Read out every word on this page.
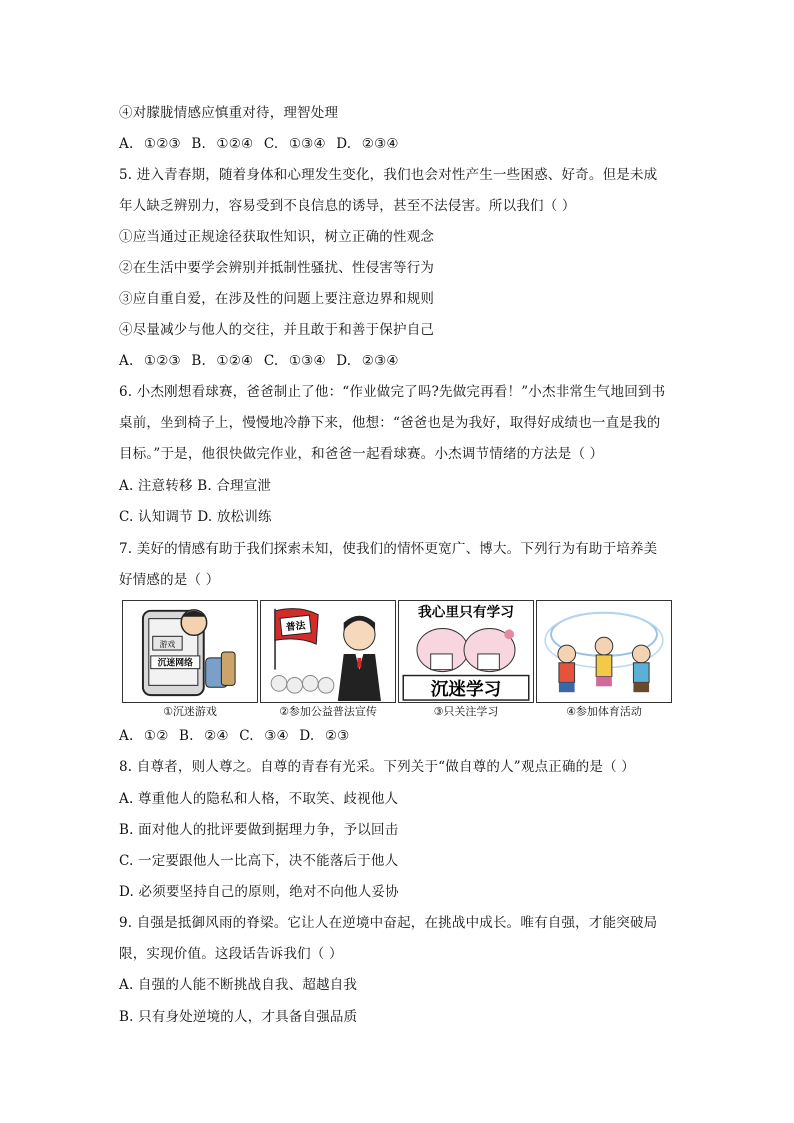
④对朦胧情感应慎重对待，理智处理
A. ①②③ B. ①②④ C. ①③④ D. ②③④
5. 进入青春期，随着身体和心理发生变化，我们也会对性产生一些困惑、好奇。但是未成
年人缺乏辨别力，容易受到不良信息的诱导，甚至不法侵害。所以我们（ ）
①应当通过正规途径获取性知识，树立正确的性观念
②在生活中要学会辨别并抵制性骚扰、性侵害等行为
③应自重自爱，在涉及性的问题上要注意边界和规则
④尽量减少与他人的交往，并且敢于和善于保护自己
A. ①②③ B. ①②④ C. ①③④ D. ②③④
6. 小杰刚想看球赛，爸爸制止了他：“作业做完了吗?先做完再看！”小杰非常生气地回到书
桌前，坐到椅子上，慢慢地冷静下来，他想：“爸爸也是为我好，取得好成绩也一直是我的
目标。”于是，他很快做完作业，和爸爸一起看球赛。小杰调节情绪的方法是（ ）
A. 注意转移 B. 合理宣泄
C. 认知调节 D. 放松训练
7. 美好的情感有助于我们探索未知，使我们的情怀更宽广、博大。下列行为有助于培养美
好情感的是（ ）
游戏
沉迷网络
①沉迷游戏
普法
②参加公益普法宣传
我心里只有学习
沉迷学习
③只关注学习	④参加体育活动
A. ①② B. ②④ C. ③④ D. ②③
8. 自尊者，则人尊之。自尊的青春有光采。下列关于“做自尊的人”观点正确的是（ ）
A. 尊重他人的隐私和人格，不取笑、歧视他人
B. 面对他人的批评要做到据理力争，予以回击
C. 一定要跟他人一比高下，决不能落后于他人
D. 必须要坚持自己的原则，绝对不向他人妥协
9. 自强是抵御风雨的脊梁。它让人在逆境中奋起，在挑战中成长。唯有自强，才能突破局
限，实现价值。这段话告诉我们（ ）
A. 自强的人能不断挑战自我、超越自我
B. 只有身处逆境的人，才具备自强品质
